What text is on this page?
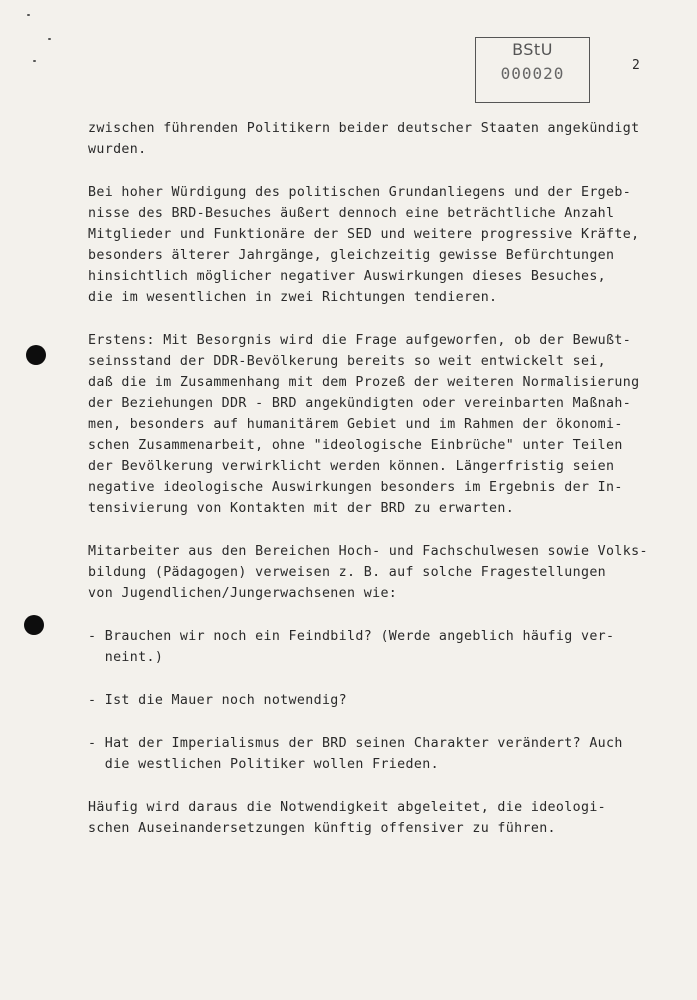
BStU
000020	2
zwischen führenden Politikern beider deutscher Staaten angekündigt
wurden.
Bei hoher Würdigung des politischen Grundanliegens und der Ergeb-
nisse des BRD-Besuches äußert dennoch eine beträchtliche Anzahl
Mitglieder und Funktionäre der SED und weitere progressive Kräfte,
besonders älterer Jahrgänge, gleichzeitig gewisse Befürchtungen
hinsichtlich möglicher negativer Auswirkungen dieses Besuches,
die im wesentlichen in zwei Richtungen tendieren.
Erstens: Mit Besorgnis wird die Frage aufgeworfen, ob der Bewußt-
seinsstand der DDR-Bevölkerung bereits so weit entwickelt sei,
daß die im Zusammenhang mit dem Prozeß der weiteren Normalisierung
der Beziehungen DDR - BRD angekündigten oder vereinbarten Maßnah-
men, besonders auf humanitärem Gebiet und im Rahmen der ökonomi-
schen Zusammenarbeit, ohne "ideologische Einbrüche" unter Teilen
der Bevölkerung verwirklicht werden können. Längerfristig seien
negative ideologische Auswirkungen besonders im Ergebnis der In-
tensivierung von Kontakten mit der BRD zu erwarten.
Mitarbeiter aus den Bereichen Hoch- und Fachschulwesen sowie Volks-
bildung (Pädagogen) verweisen z. B. auf solche Fragestellungen
von Jugendlichen/Jungerwachsenen wie:
- Brauchen wir noch ein Feindbild? (Werde angeblich häufig ver-
neint.)
- Ist die Mauer noch notwendig?
- Hat der Imperialismus der BRD seinen Charakter verändert? Auch
die westlichen Politiker wollen Frieden.
Häufig wird daraus die Notwendigkeit abgeleitet, die ideologi-
schen Auseinandersetzungen künftig offensiver zu führen.
